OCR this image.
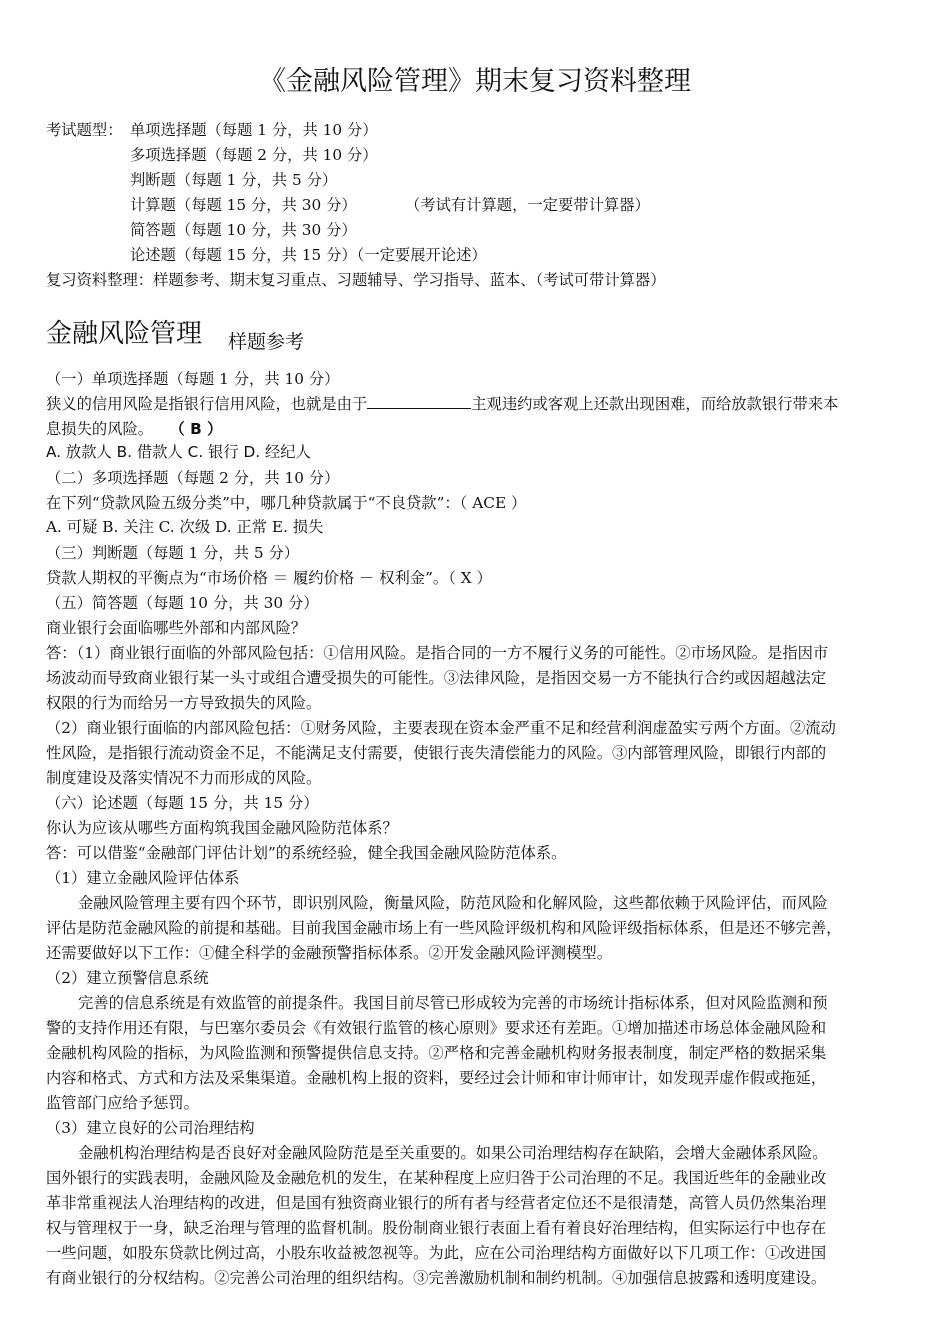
《金融风险管理》期末复习资料整理
考试题型： 单项选择题（每题 1 分，共 10 分）
多项选择题（每题 2 分，共 10 分）
判断题（每题 1 分，共 5 分）
计算题（每题 15 分，共 30 分）	（考试有计算题，一定要带计算器）
简答题（每题 10 分，共 30 分）
论述题（每题 15 分，共 15 分）（一定要展开论述）
复习资料整理：样题参考、期末复习重点、习题辅导、学习指导、蓝本、（考试可带计算器）
金融风险管理 $_{样题参考}$
（一）单项选择题（每题 1 分，共 10 分）
狭义的信用风险是指银行信用风险，也就是由于	主观违约或客观上还款出现困难，而给放款银行带来本
息损失的风险。 （ B ）
A. 放款人 B. 借款人 C. 银行 D. 经纪人
（二）多项选择题（每题 2 分，共 10 分）
在下列“贷款风险五级分类”中，哪几种贷款属于“不良贷款”：（ ACE ）
A. 可疑 B. 关注 C. 次级 D. 正常 E. 损失
（三）判断题（每题 1 分，共 5 分）
贷款人期权的平衡点为“市场价格 ＝ 履约价格 － 权利金”。（ X ）
（五）简答题（每题 10 分，共 30 分）
商业银行会面临哪些外部和内部风险？
答：（1）商业银行面临的外部风险包括：①信用风险。是指合同的一方不履行义务的可能性。②市场风险。是指因市
场波动而导致商业银行某一头寸或组合遭受损失的可能性。③法律风险，是指因交易一方不能执行合约或因超越法定
权限的行为而给另一方导致损失的风险。
（2）商业银行面临的内部风险包括：①财务风险，主要表现在资本金严重不足和经营利润虚盈实亏两个方面。②流动
性风险，是指银行流动资金不足，不能满足支付需要，使银行丧失清偿能力的风险。③内部管理风险，即银行内部的
制度建设及落实情况不力而形成的风险。
（六）论述题（每题 15 分，共 15 分）
你认为应该从哪些方面构筑我国金融风险防范体系？
答：可以借鉴“金融部门评估计划”的系统经验，健全我国金融风险防范体系。
（1）建立金融风险评估体系
金融风险管理主要有四个环节，即识别风险，衡量风险，防范风险和化解风险，这些都依赖于风险评估，而风险
评估是防范金融风险的前提和基础。目前我国金融市场上有一些风险评级机构和风险评级指标体系，但是还不够完善，
还需要做好以下工作：①健全科学的金融预警指标体系。②开发金融风险评测模型。
（2）建立预警信息系统
完善的信息系统是有效监管的前提条件。我国目前尽管已形成较为完善的市场统计指标体系，但对风险监测和预
警的支持作用还有限，与巴塞尔委员会《有效银行监管的核心原则》要求还有差距。①增加描述市场总体金融风险和
金融机构风险的指标，为风险监测和预警提供信息支持。②严格和完善金融机构财务报表制度，制定严格的数据采集
内容和格式、方式和方法及采集渠道。金融机构上报的资料，要经过会计师和审计师审计，如发现弄虚作假或拖延，
监管部门应给予惩罚。
（3）建立良好的公司治理结构
金融机构治理结构是否良好对金融风险防范是至关重要的。如果公司治理结构存在缺陷，会增大金融体系风险。
国外银行的实践表明，金融风险及金融危机的发生，在某种程度上应归咎于公司治理的不足。我国近些年的金融业改
革非常重视法人治理结构的改进，但是国有独资商业银行的所有者与经营者定位还不是很清楚，高管人员仍然集治理
权与管理权于一身，缺乏治理与管理的监督机制。股份制商业银行表面上看有着良好治理结构，但实际运行中也存在
一些问题，如股东贷款比例过高，小股东收益被忽视等。为此，应在公司治理结构方面做好以下几项工作：①改进国
有商业银行的分权结构。②完善公司治理的组织结构。③完善激励机制和制约机制。④加强信息披露和透明度建设。
